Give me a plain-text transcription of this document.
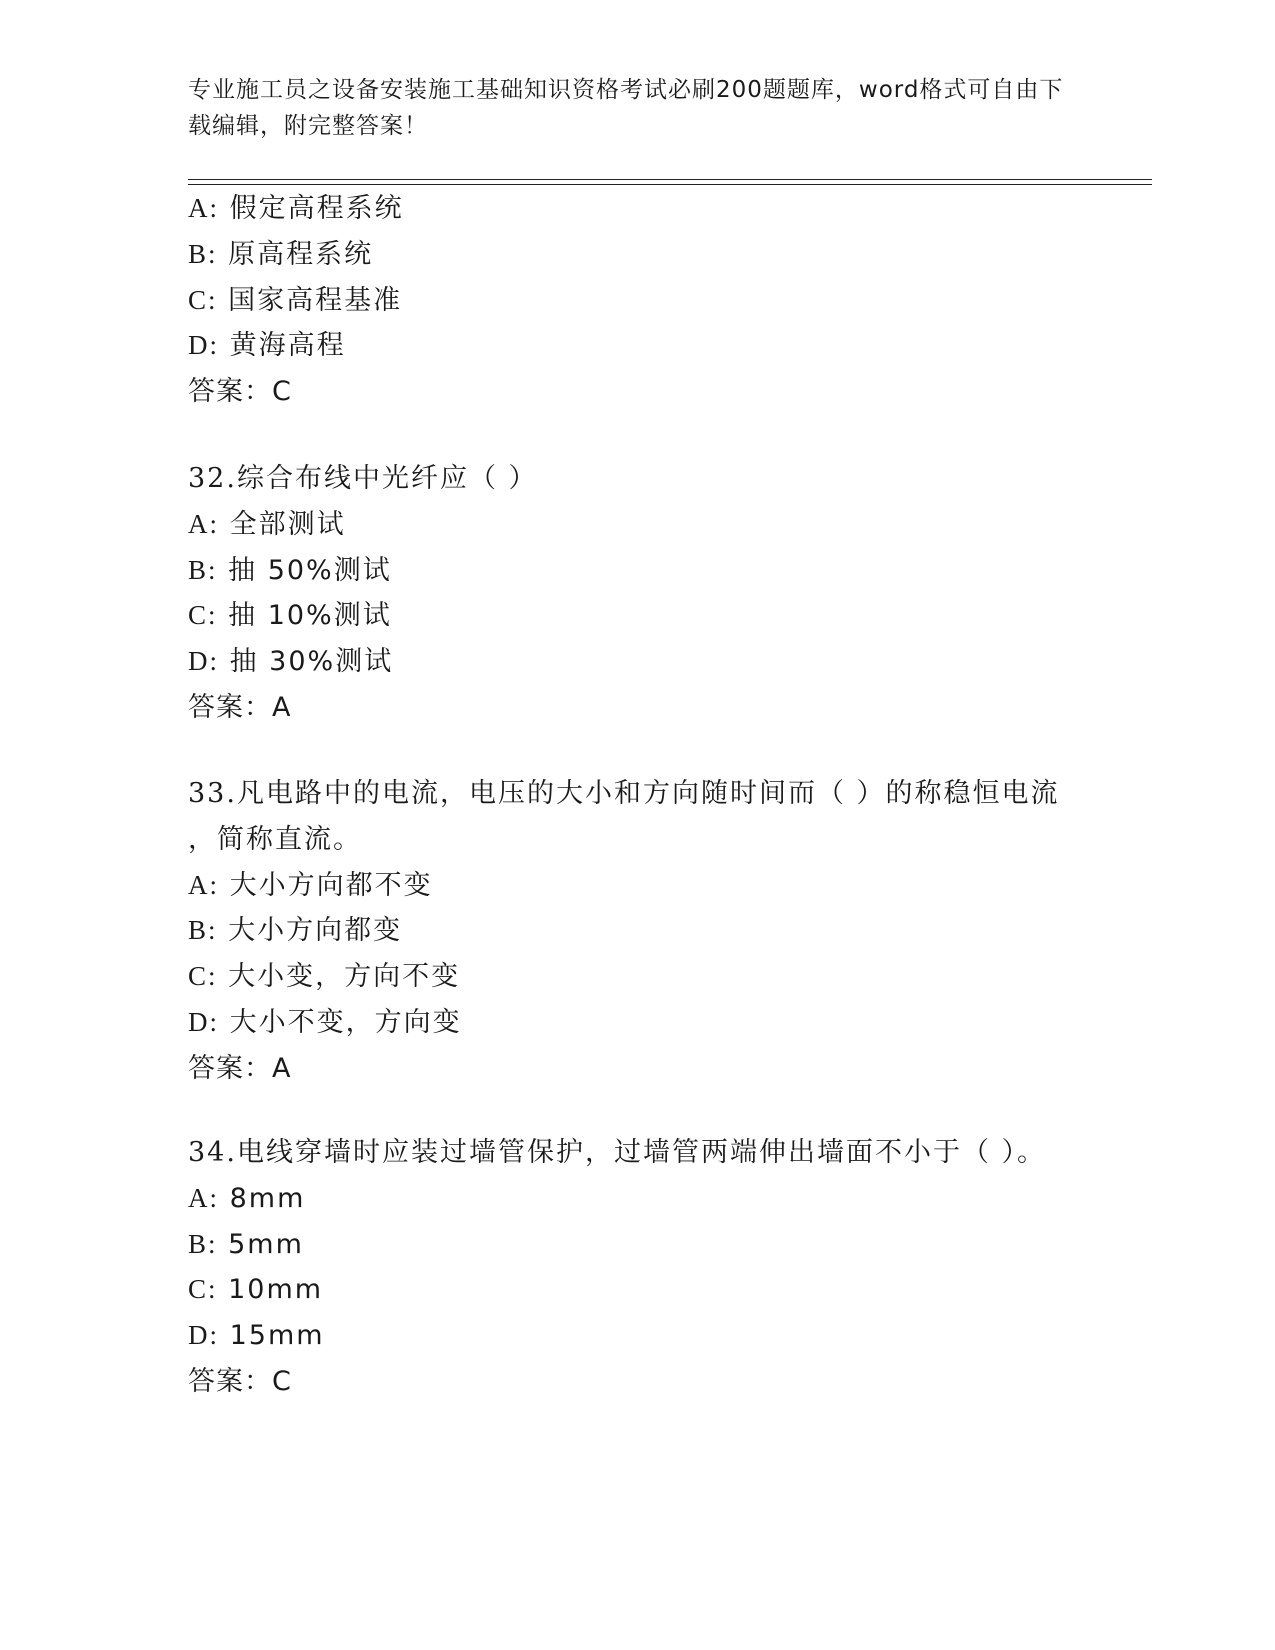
专业施工员之设备安装施工基础知识资格考试必刷200题题库，word格式可自由下载编辑，附完整答案！
A: 假定高程系统
B: 原高程系统
C: 国家高程基准
D: 黄海高程
答案：C
32.综合布线中光纤应（ ）
A: 全部测试
B: 抽 50%测试
C: 抽 10%测试
D: 抽 30%测试
答案：A
33.凡电路中的电流，电压的大小和方向随时间而（ ）的称稳恒电流
，简称直流。
A: 大小方向都不变
B: 大小方向都变
C: 大小变，方向不变
D: 大小不变，方向变
答案：A
34.电线穿墙时应装过墙管保护，过墙管两端伸出墙面不小于（ ）。
A: 8mm
B: 5mm
C: 10mm
D: 15mm
答案：C
